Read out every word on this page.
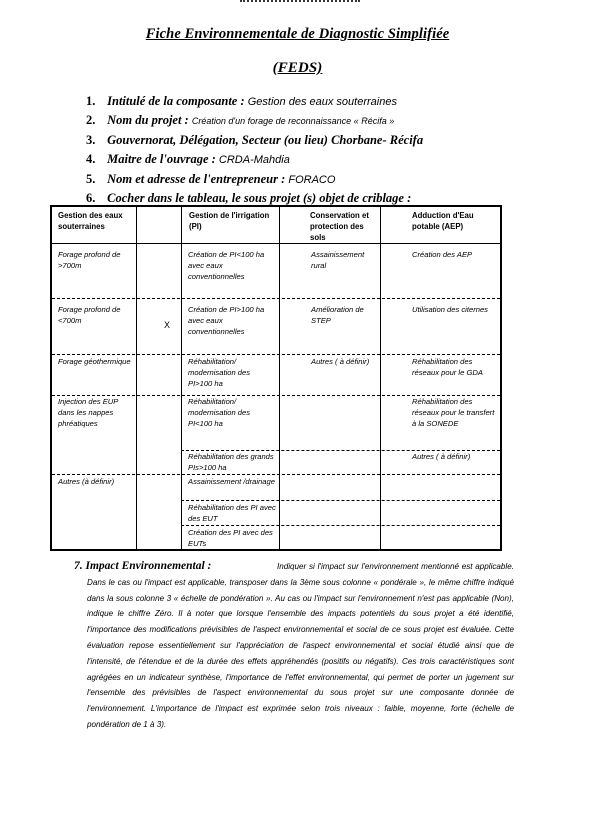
Fiche Environnementale de Diagnostic Simplifiée
(FEDS)
1. Intitulé de la composante : Gestion des eaux souterraines
2. Nom du projet : Création d'un forage de reconnaissance « Récifa »
3. Gouvernorat, Délégation, Secteur (ou lieu) Chorbane- Récifa
4. Maitre de l'ouvrage : CRDA-Mahdia
5. Nom et adresse de l'entrepreneur : FORACO
6. Cocher dans le tableau, le sous projet (s) objet de criblage :
Gestion des eaux souterraines
Gestion de l'irrigation (PI)
Conservation et protection des sols
Adduction d'Eau potable (AEP)
Forage profond de >700m
Forage profond de <700m
Forage géothermique
Injection des EUP dans les nappes phréatiques
Autres (à définir)
X
Création de PI<100 ha avec eaux conventionnelles
Création de PI>100 ha avec eaux conventionnelles
Réhabilitation/ modernisation des PI>100 ha
Réhabilitation/ modernisation des PI<100 ha
Réhabilitation des grands PIs>100 ha
Assainissement /drainage
Réhabilitation des PI avec des EUT
Création des PI avec des EUTs
Assainissement rural
Amélioration de STEP
Autres ( à définir)
Création des AEP
Utilisation des citernes
Réhabilitation des réseaux pour le GDA
Réhabilitation des réseaux pour le transfert à la SONEDE
Autres ( à définir)
7. Impact Environnemental :	Indiquer si l'impact sur l'environnement mentionné est applicable. Dans le cas ou l'impact est applicable, transposer dans la 3ème sous colonne « pondérale », le même chiffre indiqué dans la sous colonne 3 « échelle de pondération ». Au cas ou l'impact sur l'environnement n'est pas applicable (Non), indique le chiffre Zéro. Il à noter que lorsque l'ensemble des impacts potentiels du sous projet a été identifié, l'importance des modifications prévisibles de l'aspect environnemental et social de ce sous projet est évaluée. Cette évaluation repose essentiellement sur l'appréciation de l'aspect environnemental et social étudié ainsi que de l'intensité, de l'étendue et de la durée des effets appréhendés (positifs ou négatifs). Ces trois caractéristiques sont agrégées en un indicateur synthèse, l'importance de l'effet environnemental, qui permet de porter un jugement sur l'ensemble des prévisibles de l'aspect environnemental du sous projet sur une composante donnée de l'environnement. L'importance de l'impact est exprimée selon trois niveaux : faible, moyenne, forte (échelle de pondération de 1 à 3).
